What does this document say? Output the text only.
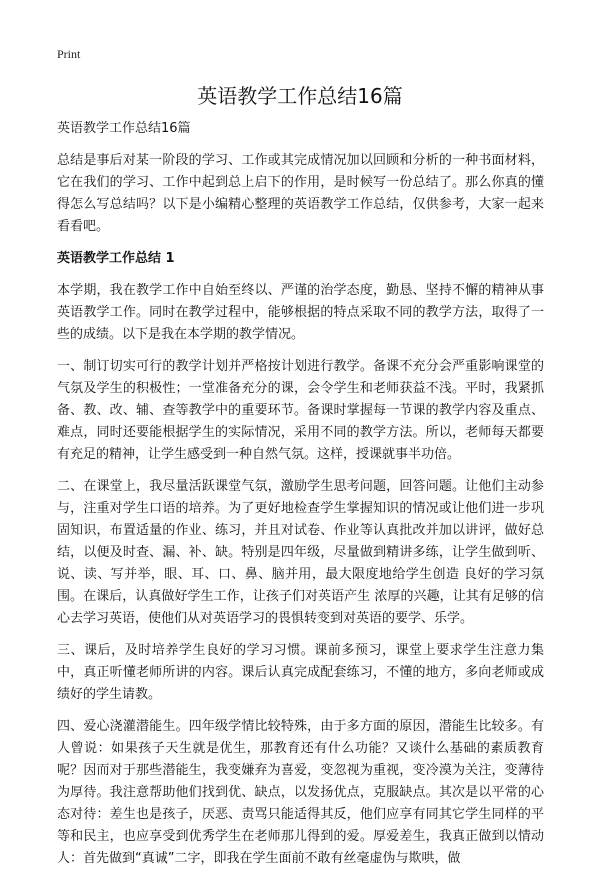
Print
英语教学工作总结16篇
英语教学工作总结16篇

总结是事后对某一阶段的学习、工作或其完成情况加以回顾和分析的一种书面材料，它在我们的学习、工作中起到总上启下的作用，是时候写一份总结了。那么你真的懂得怎么写总结吗？以下是小编精心整理的英语教学工作总结，仅供参考，大家一起来看看吧。

英语教学工作总结 1

本学期，我在教学工作中自始至终以、严谨的治学态度，勤恳、坚持不懈的精神从事英语教学工作。同时在教学过程中，能够根据的特点采取不同的教学方法，取得了一些的成绩。以下是我在本学期的教学情况。

一、制订切实可行的教学计划并严格按计划进行教学。备课不充分会严重影响课堂的气氛及学生的积极性；一堂准备充分的课，会令学生和老师获益不浅。平时，我紧抓 备、教、改、辅、查等教学中的重要环节。备课时掌握每一节课的教学内容及重点、难点，同时还要能根据学生的实际情况，采用不同的教学方法。所以，老师每天都要有充足的精神，让学生感受到一种自然气氛。这样，授课就事半功倍。

二、在课堂上，我尽量活跃课堂气氛，激励学生思考问题，回答问题。让他们主动参与，注重对学生口语的培养。为了更好地检查学生掌握知识的情况或让他们进一步巩固知识，布置适量的作业、练习，并且对试卷、作业等认真批改并加以讲评，做好总结，以便及时查、漏、补、缺。特别是四年级，尽量做到精讲多练，让学生做到听、说、读、写并举，眼、耳、口、鼻、脑并用，最大限度地给学生创造 良好的学习氛围。在课后，认真做好学生工作，让孩子们对英语产生 浓厚的兴趣，让其有足够的信心去学习英语，使他们从对英语学习的畏惧转变到对英语的要学、乐学。

三、课后，及时培养学生良好的学习习惯。课前多预习，课堂上要求学生注意力集中，真正听懂老师所讲的内容。课后认真完成配套练习，不懂的地方，多向老师或成绩好的学生请教。

四、爱心浇灌潜能生。四年级学情比较特殊，由于多方面的原因，潜能生比较多。有人曾说：如果孩子天生就是优生，那教育还有什么功能？又谈什么基础的素质教育呢？因而对于那些潜能生，我变嫌弃为喜爱，变忽视为重视，变冷漠为关注，变薄待为厚待。我注意帮助他们找到优、缺点，以发扬优点，克服缺点。其次是以平常的心态对待：差生也是孩子，厌恶、责骂只能适得其反，他们应享有同其它学生同样的平等和民主，也应享受到优秀学生在老师那儿得到的爱。厚爱差生，我真正做到以情动人：首先做到“真诚”二字，即我在学生面前不敢有丝毫虚伪与欺哄，做
